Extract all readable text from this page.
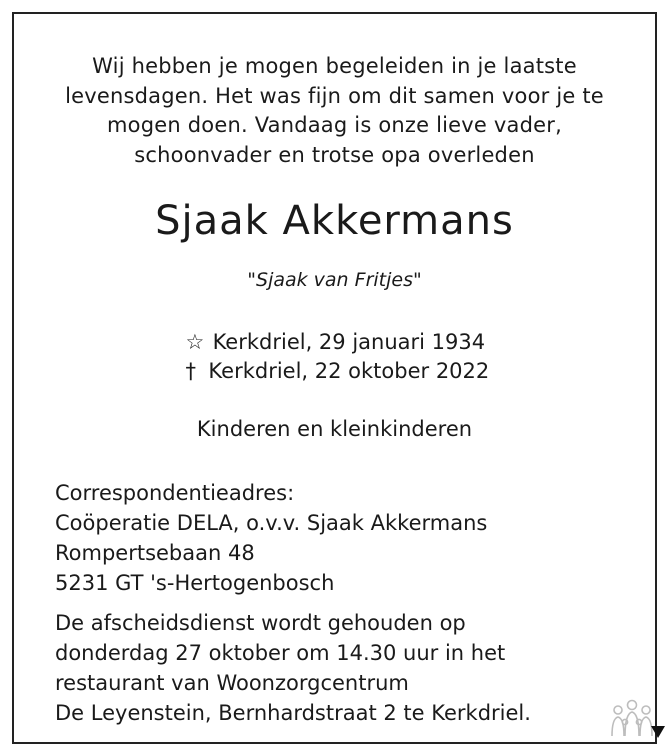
Wij hebben je mogen begeleiden in je laatste
levensdagen. Het was fijn om dit samen voor je te
mogen doen. Vandaag is onze lieve vader,
schoonvader en trotse opa overleden
Sjaak Akkermans
"Sjaak van Fritjes"
☆ Kerkdriel, 29 januari 1934
† Kerkdriel, 22 oktober 2022
Kinderen en kleinkinderen
Correspondentieadres:
Coöperatie DELA, o.v.v. Sjaak Akkermans
Rompertsebaan 48
5231 GT 's-Hertogenbosch
De afscheidsdienst wordt gehouden op
donderdag 27 oktober om 14.30 uur in het
restaurant van Woonzorgcentrum
De Leyenstein, Bernhardstraat 2 te Kerkdriel.
